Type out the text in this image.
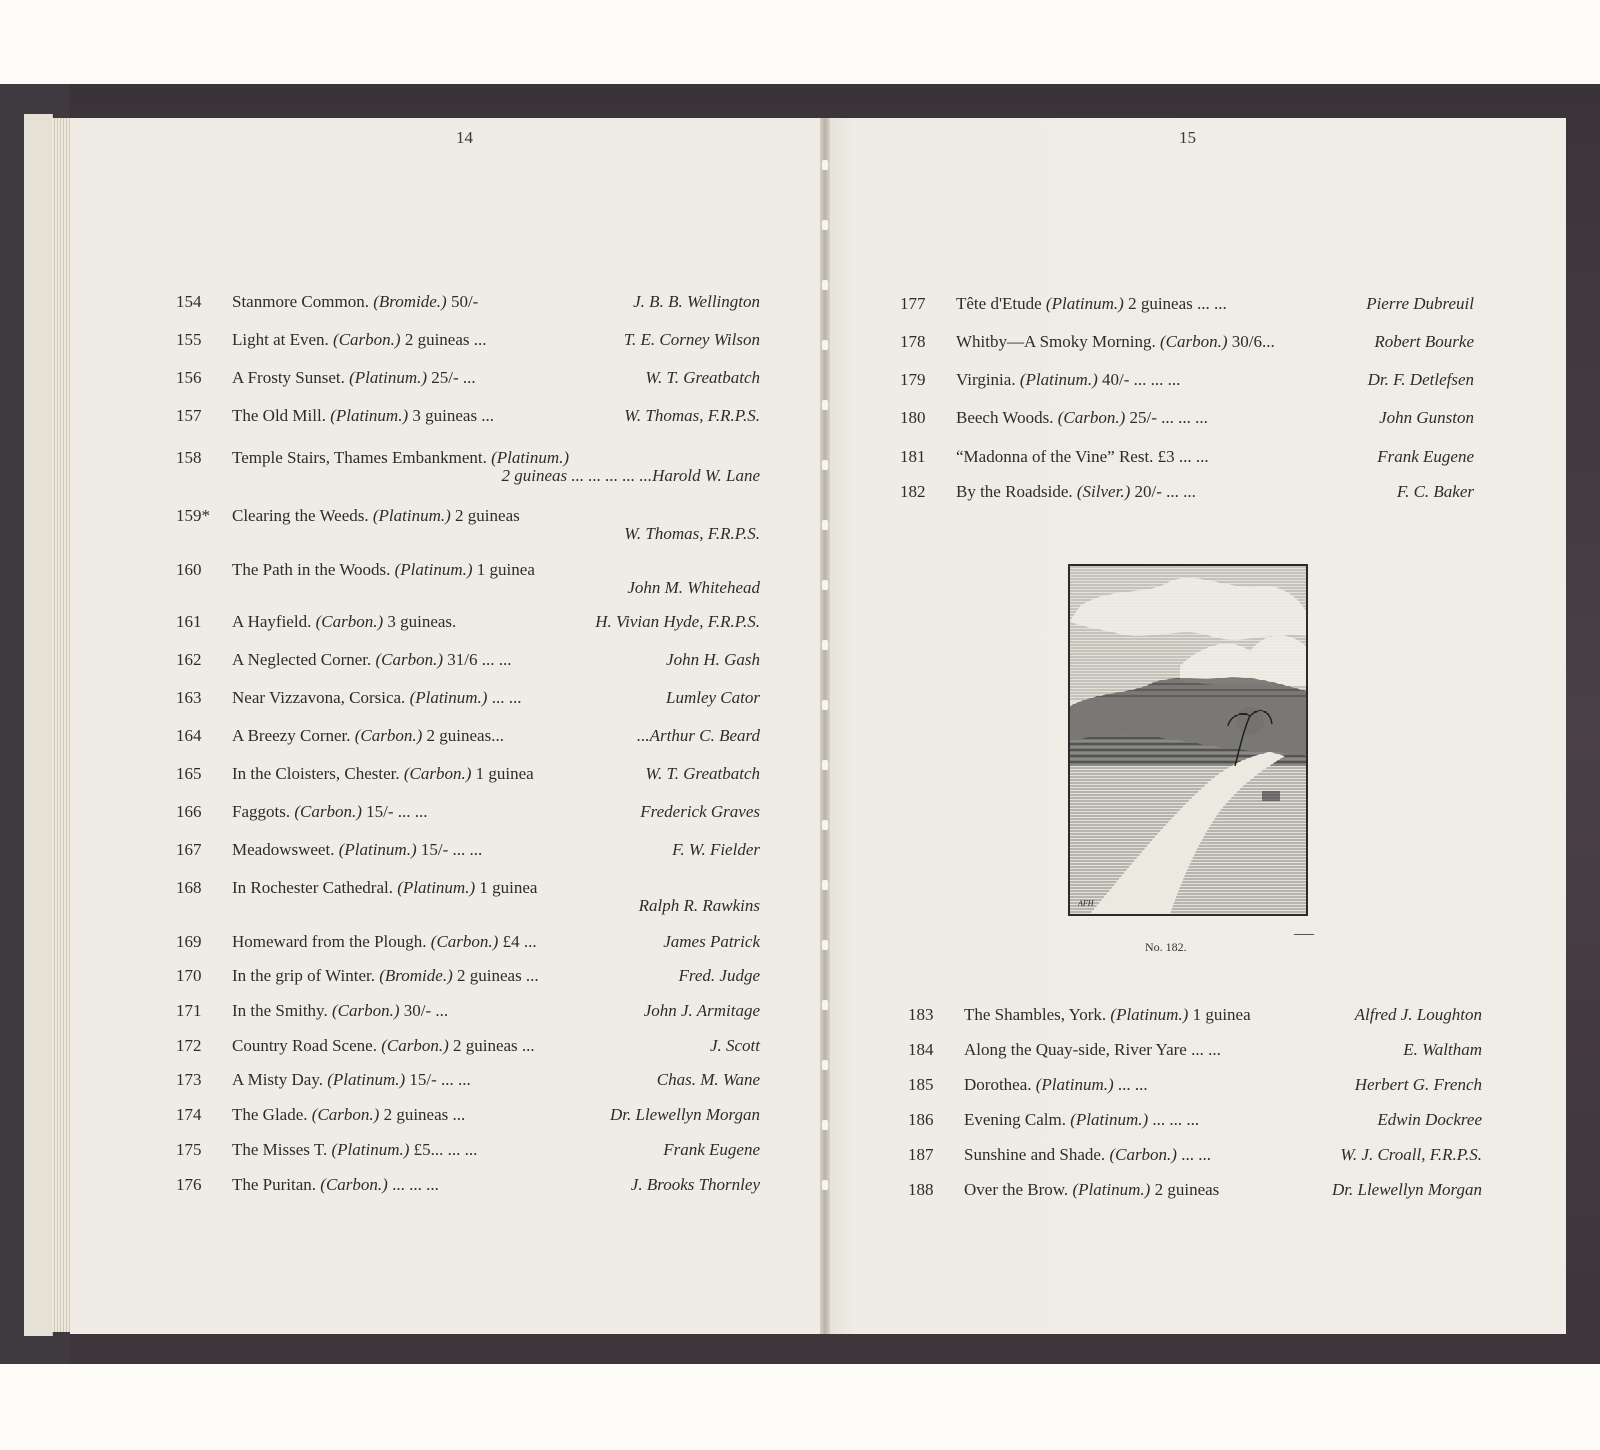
14	15
154 Stanmore Common. (Bromide.) 50/-	J. B. B. Wellington
155 Light at Even. (Carbon.) 2 guineas ...	T. E. Corney Wilson
156 A Frosty Sunset. (Platinum.) 25/- ...	W. T. Greatbatch
157 The Old Mill. (Platinum.) 3 guineas ...	W. Thomas, F.R.P.S.
158 Temple Stairs, Thames Embankment. (Platinum.)
2 guineas ... ... ... ... ...Harold W. Lane
159* Clearing the Weeds. (Platinum.) 2 guineas
W. Thomas, F.R.P.S.
160 The Path in the Woods. (Platinum.) 1 guinea
John M. Whitehead
161 A Hayfield. (Carbon.) 3 guineas.	H. Vivian Hyde, F.R.P.S.
162 A Neglected Corner. (Carbon.) 31/6 ... ...	John H. Gash
163 Near Vizzavona, Corsica. (Platinum.) ... ...	Lumley Cator
164 A Breezy Corner. (Carbon.) 2 guineas...	...Arthur C. Beard
165 In the Cloisters, Chester. (Carbon.) 1 guinea	W. T. Greatbatch
166 Faggots. (Carbon.) 15/- ... ...	Frederick Graves
167 Meadowsweet. (Platinum.) 15/- ... ...	F. W. Fielder
168 In Rochester Cathedral. (Platinum.) 1 guinea
Ralph R. Rawkins
169 Homeward from the Plough. (Carbon.) £4 ...	James Patrick
170 In the grip of Winter. (Bromide.) 2 guineas ...	Fred. Judge
171 In the Smithy. (Carbon.) 30/- ...	John J. Armitage
172 Country Road Scene. (Carbon.) 2 guineas ...	J. Scott
173 A Misty Day. (Platinum.) 15/- ... ...	Chas. M. Wane
174 The Glade. (Carbon.) 2 guineas ...	Dr. Llewellyn Morgan
175 The Misses T. (Platinum.) £5... ... ...	Frank Eugene
176 The Puritan. (Carbon.) ... ... ...	J. Brooks Thornley
177 Tête d'Etude (Platinum.) 2 guineas ... ...	Pierre Dubreuil
178 Whitby—A Smoky Morning. (Carbon.) 30/6...	Robert Bourke
179 Virginia. (Platinum.) 40/- ... ... ...	Dr. F. Detlefsen
180 Beech Woods. (Carbon.) 25/- ... ... ...	John Gunston
181 “Madonna of the Vine” Rest. £3 ... ...	Frank Eugene
182 By the Roadside. (Silver.) 20/- ... ...	F. C. Baker
AFH
No. 182.
183 The Shambles, York. (Platinum.) 1 guinea	Alfred J. Loughton
184 Along the Quay-side, River Yare ... ...	E. Waltham
185 Dorothea. (Platinum.) ... ...	Herbert G. French
186 Evening Calm. (Platinum.) ... ... ...	Edwin Dockree
187 Sunshine and Shade. (Carbon.) ... ...	W. J. Croall, F.R.P.S.
188 Over the Brow. (Platinum.) 2 guineas	Dr. Llewellyn Morgan
